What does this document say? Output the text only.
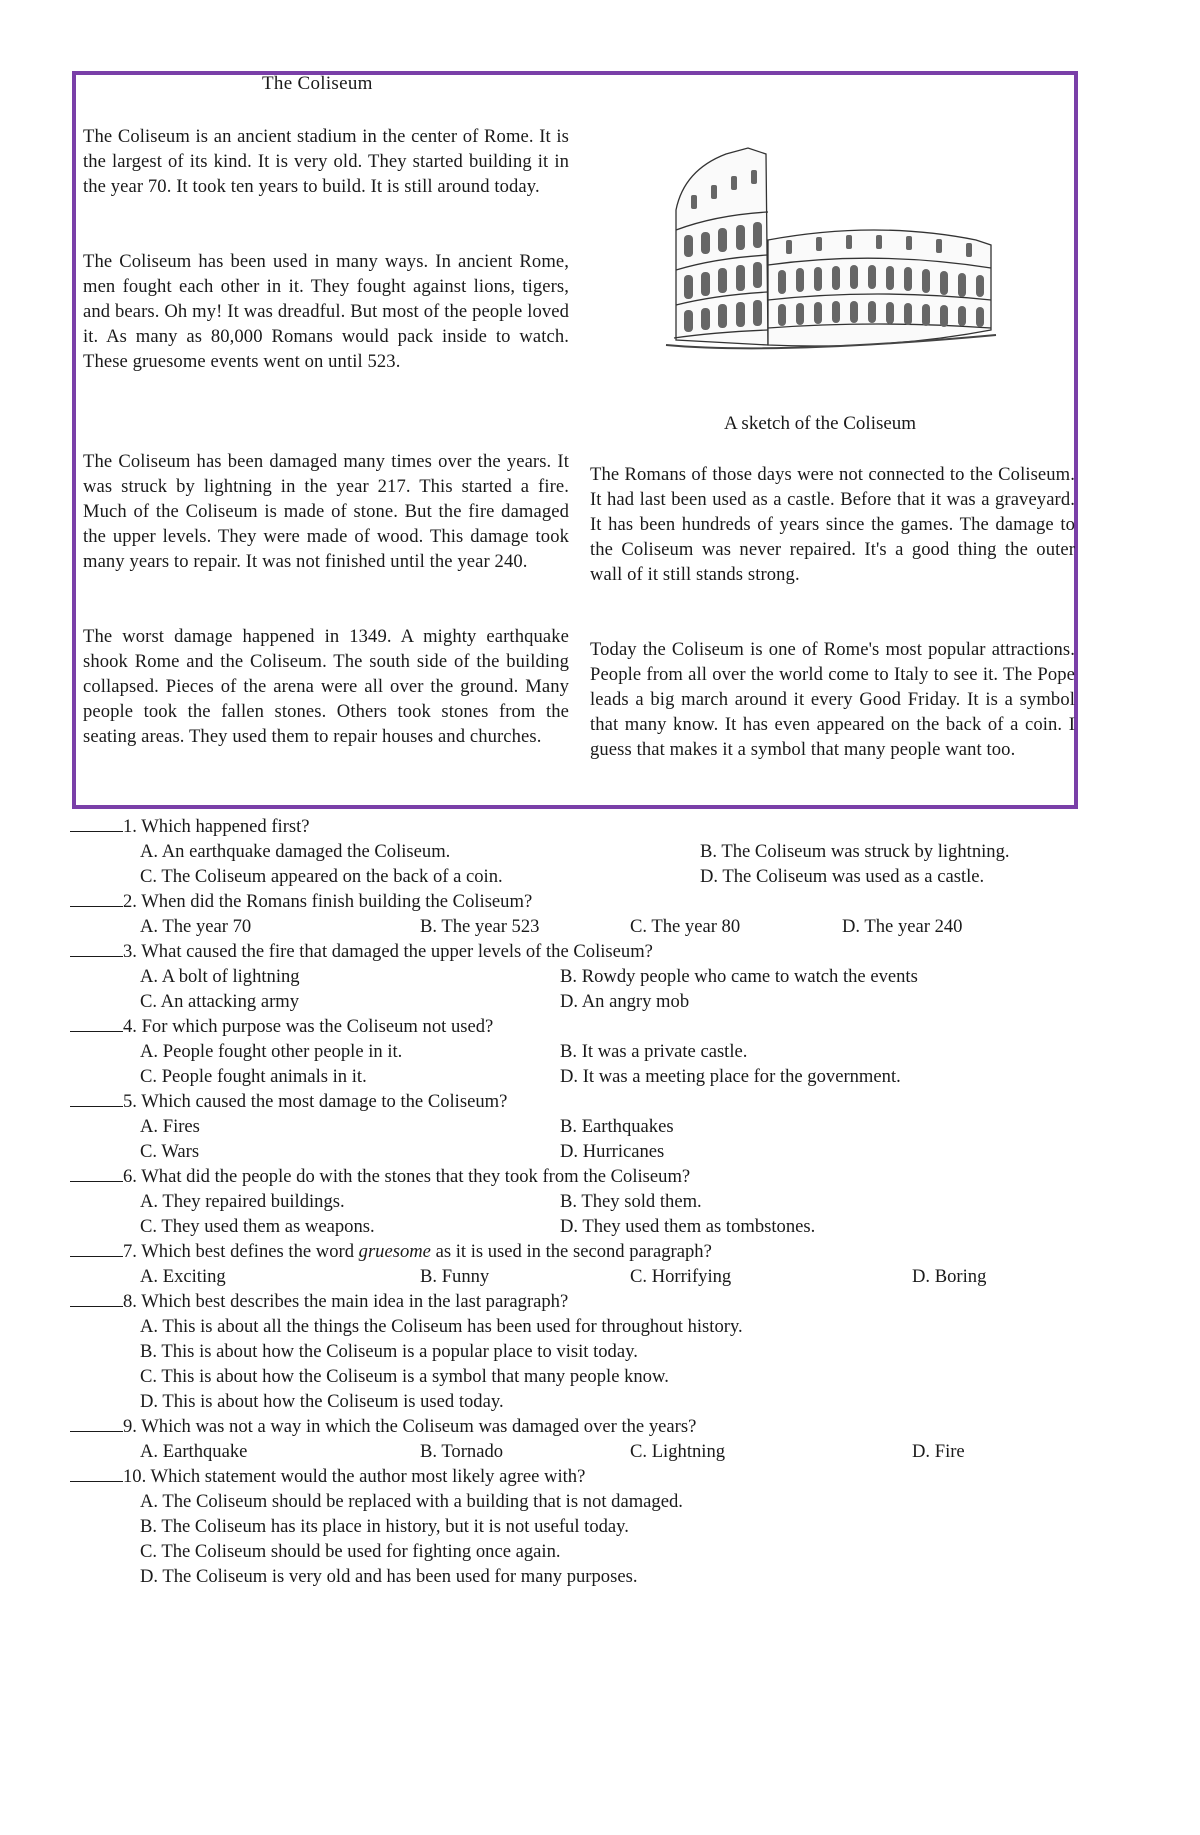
The Coliseum

The Coliseum is an ancient stadium in the center of Rome. It is the largest of its kind. It is very old. They started building it in the year 70. It took ten years to build. It is still around today.

The Coliseum has been used in many ways. In ancient Rome, men fought each other in it. They fought against lions, tigers, and bears. Oh my! It was dreadful. But most of the people loved it. As many as 80,000 Romans would pack inside to watch. These gruesome events went on until 523.

The Coliseum has been damaged many times over the years. It was struck by lightning in the year 217. This started a fire. Much of the Coliseum is made of stone. But the fire damaged the upper levels. They were made of wood. This damage took many years to repair. It was not finished until the year 240.

The worst damage happened in 1349. A mighty earthquake shook Rome and the Coliseum. The south side of the building collapsed. Pieces of the arena were all over the ground. Many people took the fallen stones. Others took stones from the seating areas. They used them to repair houses and churches.

A sketch of the Coliseum

The Romans of those days were not connected to the Coliseum. It had last been used as a castle. Before that it was a graveyard. It has been hundreds of years since the games. The damage to the Coliseum was never repaired. It's a good thing the outer wall of it still stands strong.

Today the Coliseum is one of Rome's most popular attractions. People from all over the world come to Italy to see it. The Pope leads a big march around it every Good Friday. It is a symbol that many know. It has even appeared on the back of a coin. I guess that makes it a symbol that many people want too.

1. Which happened first?
A. An earthquake damaged the Coliseum.	B. The Coliseum was struck by lightning.
C. The Coliseum appeared on the back of a coin.	D. The Coliseum was used as a castle.
2. When did the Romans finish building the Coliseum?
A. The year 70	B. The year 523	C. The year 80	D. The year 240
3. What caused the fire that damaged the upper levels of the Coliseum?
A. A bolt of lightning	B. Rowdy people who came to watch the events
C. An attacking army	D. An angry mob
4. For which purpose was the Coliseum not used?
A. People fought other people in it.	B. It was a private castle.
C. People fought animals in it.	D. It was a meeting place for the government.
5. Which caused the most damage to the Coliseum?
A. Fires	B. Earthquakes
C. Wars	D. Hurricanes
6. What did the people do with the stones that they took from the Coliseum?
A. They repaired buildings.	B. They sold them.
C. They used them as weapons.	D. They used them as tombstones.
7. Which best defines the word gruesome as it is used in the second paragraph?
A. Exciting	B. Funny	C. Horrifying	D. Boring
8. Which best describes the main idea in the last paragraph?
A. This is about all the things the Coliseum has been used for throughout history.
B. This is about how the Coliseum is a popular place to visit today.
C. This is about how the Coliseum is a symbol that many people know.
D. This is about how the Coliseum is used today.
9. Which was not a way in which the Coliseum was damaged over the years?
A. Earthquake	B. Tornado	C. Lightning	D. Fire
10. Which statement would the author most likely agree with?
A. The Coliseum should be replaced with a building that is not damaged.
B. The Coliseum has its place in history, but it is not useful today.
C. The Coliseum should be used for fighting once again.
D. The Coliseum is very old and has been used for many purposes.
